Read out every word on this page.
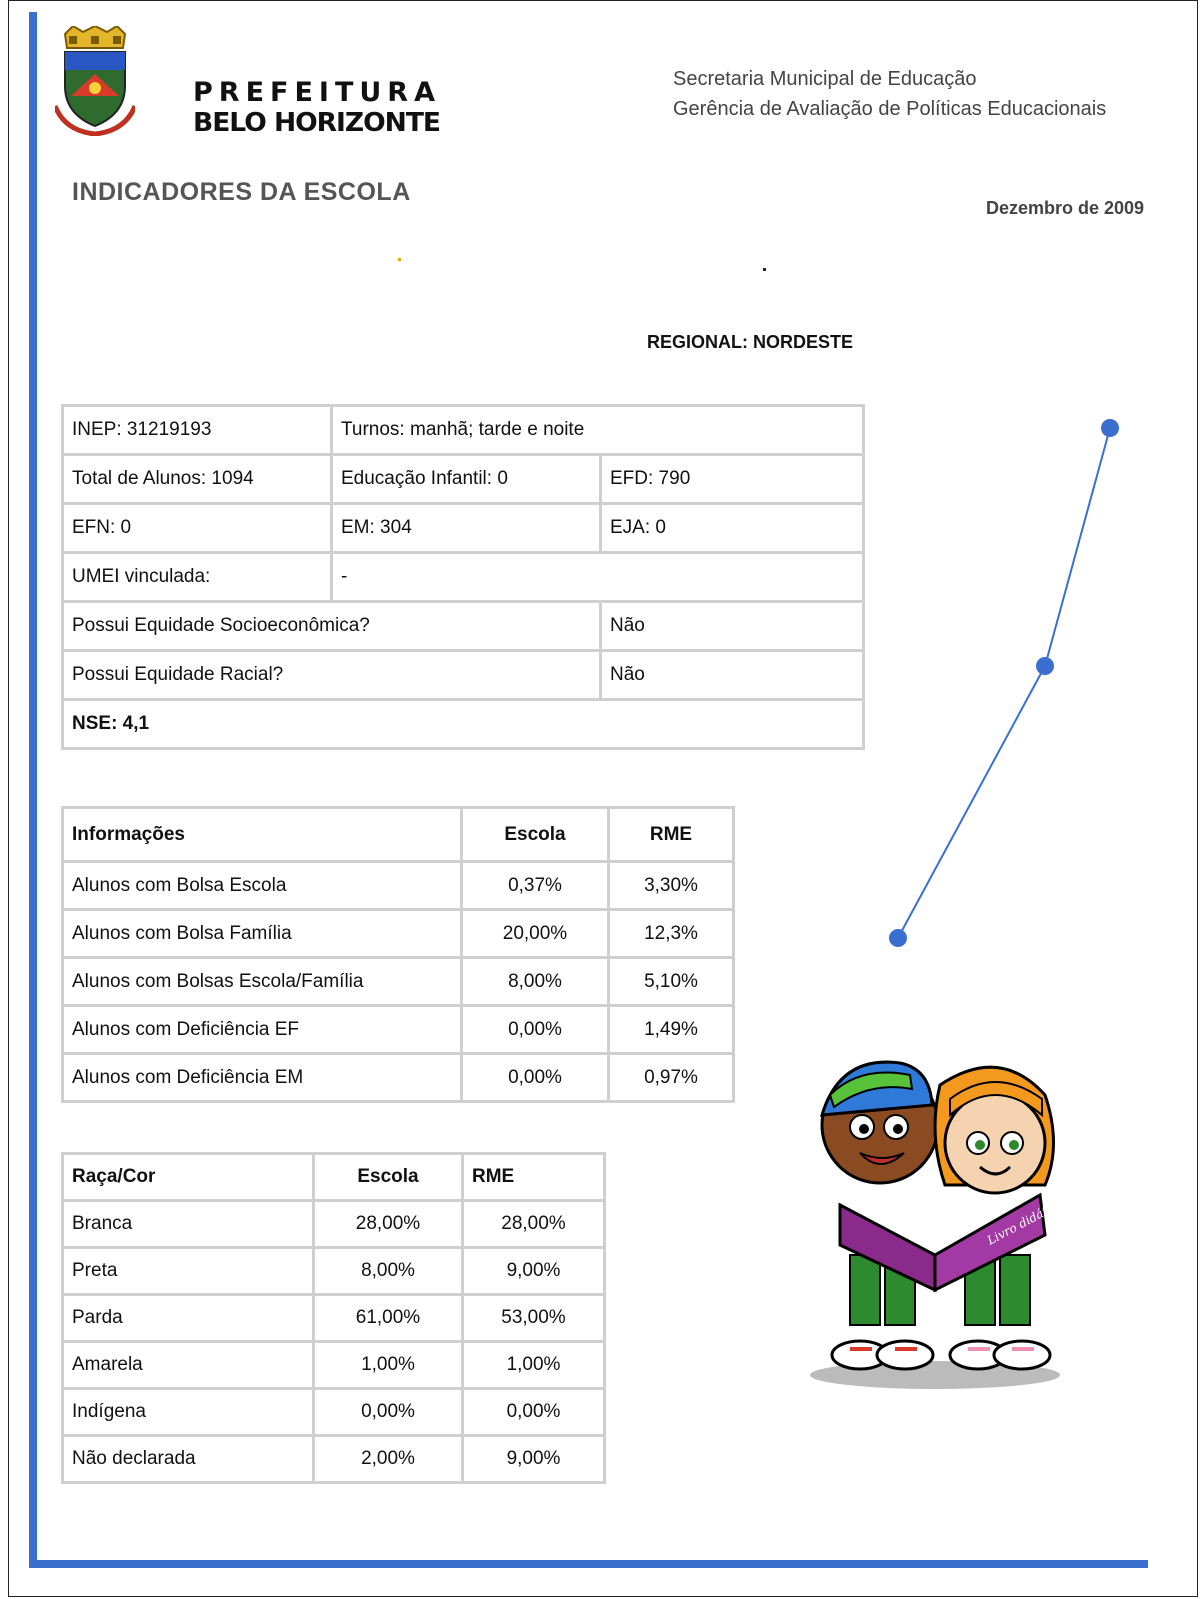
PREFEITURA
BELO HORIZONTE
Secretaria Municipal de Educação
Gerência de Avaliação de Políticas Educacionais
INDICADORES DA ESCOLA
Dezembro de 2009
REGIONAL: NORDESTE
INEP: 31219193	Turnos: manhã; tarde e noite	
Total de Alunos: 1094	Educação Infantil: 0	EFD: 790
EFN: 0	EM: 304	EJA: 0
UMEI vinculada:	-	
Possui Equidade Socioeconômica?		Não
Possui Equidade Racial?		Não
NSE: 4,1		
Informações	Escola	RME
Alunos com Bolsa Escola	0,37%	3,30%
Alunos com Bolsa Família	20,00%	12,3%
Alunos com Bolsas Escola/Família	8,00%	5,10%
Alunos com Deficiência EF	0,00%	1,49%
Alunos com Deficiência EM	0,00%	0,97%
Raça/Cor	Escola	RME
Branca	28,00%	28,00%
Preta	8,00%	9,00%
Parda	61,00%	53,00%
Amarela	1,00%	1,00%
Indígena	0,00%	0,00%
Não declarada	2,00%	9,00%
Livro didático
